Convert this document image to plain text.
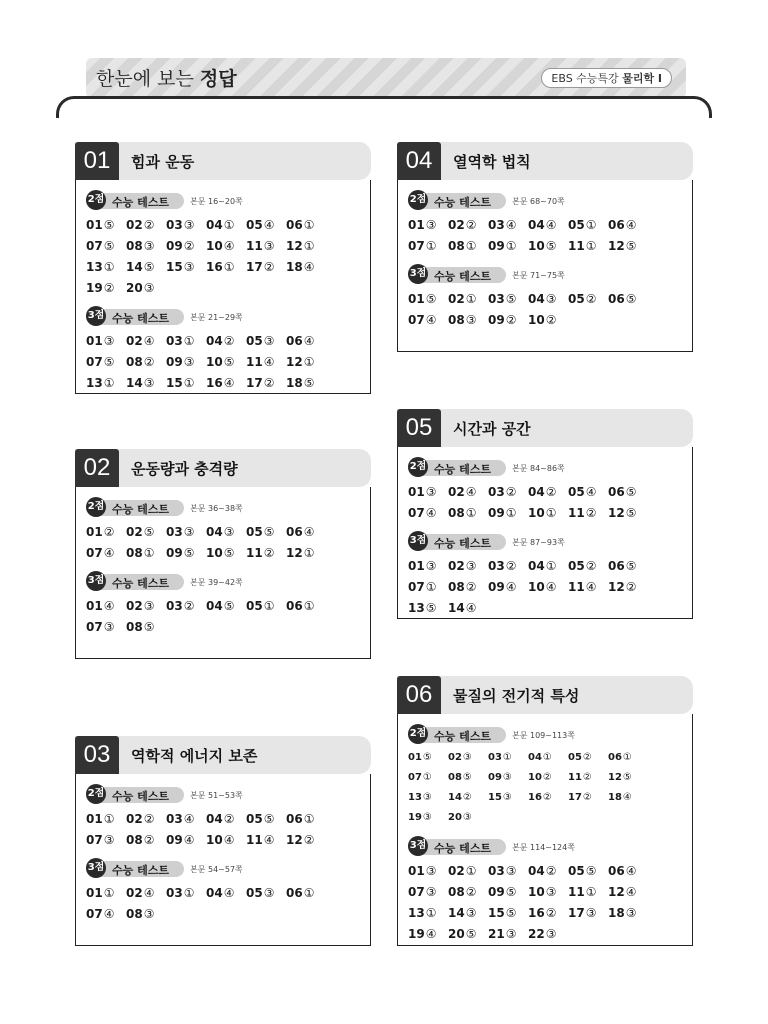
한눈에 보는 정답	EBS 수능특강 물리학 Ⅰ
01	힘과 운동
2점 수능 테스트	본문 16~20쪽
01⑤ 02② 03③ 04① 05④ 06①
07⑤ 08③ 09② 10④ 11③ 12①
13① 14⑤ 15③ 16① 17② 18④
19② 20③
3점 수능 테스트	본문 21~29쪽
01③ 02④ 03① 04② 05③ 06④
07⑤ 08② 09③ 10⑤ 11④ 12①
13① 14③ 15① 16④ 17② 18⑤
02	운동량과 충격량
2점 수능 테스트	본문 36~38쪽
01② 02⑤ 03③ 04③ 05⑤ 06④
07④ 08① 09⑤ 10⑤ 11② 12①
3점 수능 테스트	본문 39~42쪽
01④ 02③ 03② 04⑤ 05① 06①
07③ 08⑤
03	역학적 에너지 보존
2점 수능 테스트	본문 51~53쪽
01① 02② 03④ 04② 05⑤ 06①
07③ 08② 09④ 10④ 11④ 12②
3점 수능 테스트	본문 54~57쪽
01① 02④ 03① 04④ 05③ 06①
07④ 08③
04	열역학 법칙
2점 수능 테스트	본문 68~70쪽
01③ 02② 03④ 04④ 05① 06④
07① 08① 09① 10⑤ 11① 12⑤
3점 수능 테스트	본문 71~75쪽
01⑤ 02① 03⑤ 04③ 05② 06⑤
07④ 08③ 09② 10②
05	시간과 공간
2점 수능 테스트	본문 84~86쪽
01③ 02④ 03② 04② 05④ 06⑤
07④ 08① 09① 10① 11② 12⑤
3점 수능 테스트	본문 87~93쪽
01③ 02③ 03② 04① 05② 06⑤
07① 08② 09④ 10④ 11④ 12②
13⑤ 14④
06	물질의 전기적 특성
2점 수능 테스트	본문 109~113쪽
01⑤	02③	03①	04①	05②	06①
07①	08⑤	09③	10②	11②	12⑤
13③	14②	15③	16②	17②	18④
19③	20③
3점 수능 테스트	본문 114~124쪽
01③ 02① 03③ 04② 05⑤ 06④
07③ 08② 09⑤ 10③ 11① 12④
13① 14③ 15⑤ 16② 17③ 18③
19④ 20⑤ 21③ 22③
